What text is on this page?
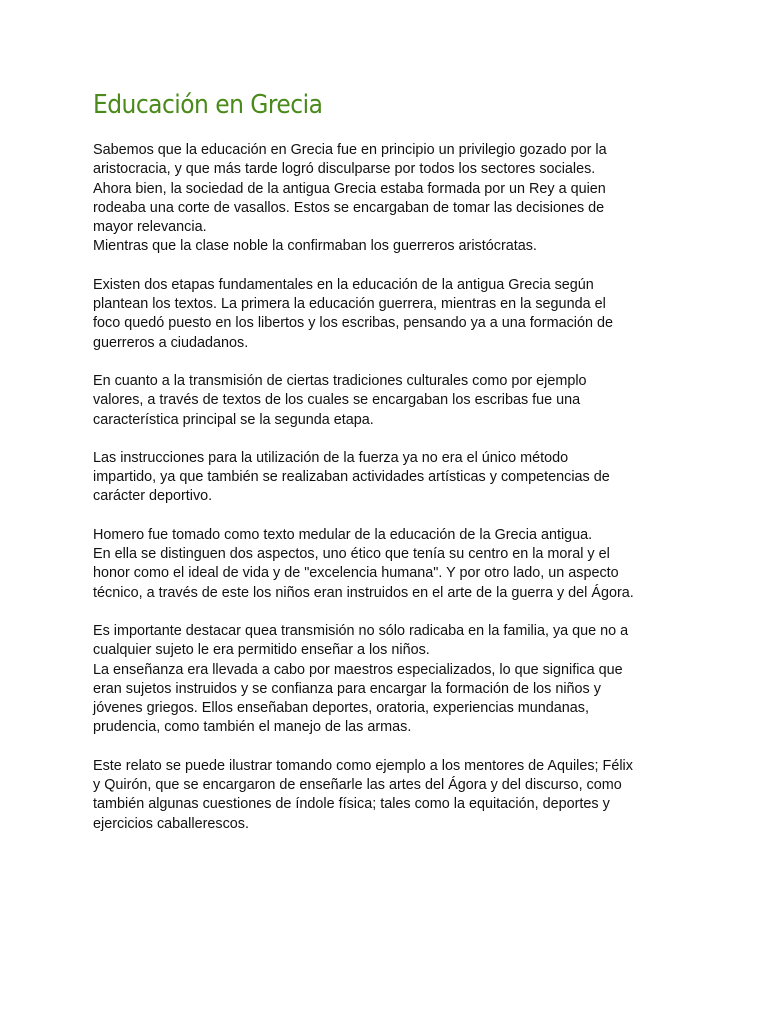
Educación en Grecia
Sabemos que la educación en Grecia fue en principio un privilegio gozado por la
aristocracia, y que más tarde logró disculparse por todos los sectores sociales.
Ahora bien, la sociedad de la antigua Grecia estaba formada por un Rey a quien
rodeaba una corte de vasallos. Estos se encargaban de tomar las decisiones de
mayor relevancia.
Mientras que la clase noble la confirmaban los guerreros aristócratas.
Existen dos etapas fundamentales en la educación de la antigua Grecia según
plantean los textos. La primera la educación guerrera, mientras en la segunda el
foco quedó puesto en los libertos y los escribas, pensando ya a una formación de
guerreros a ciudadanos.
En cuanto a la transmisión de ciertas tradiciones culturales como por ejemplo
valores, a través de textos de los cuales se encargaban los escribas fue una
característica principal se la segunda etapa.
Las instrucciones para la utilización de la fuerza ya no era el único método
impartido, ya que también se realizaban actividades artísticas y competencias de
carácter deportivo.
Homero fue tomado como texto medular de la educación de la Grecia antigua.
En ella se distinguen dos aspectos, uno ético que tenía su centro en la moral y el
honor como el ideal de vida y de "excelencia humana". Y por otro lado, un aspecto
técnico, a través de este los niños eran instruidos en el arte de la guerra y del Ágora.
Es importante destacar quea transmisión no sólo radicaba en la familia, ya que no a
cualquier sujeto le era permitido enseñar a los niños.
La enseñanza era llevada a cabo por maestros especializados, lo que significa que
eran sujetos instruidos y se confianza para encargar la formación de los niños y
jóvenes griegos. Ellos enseñaban deportes, oratoria, experiencias mundanas,
prudencia, como también el manejo de las armas.
Este relato se puede ilustrar tomando como ejemplo a los mentores de Aquiles; Félix
y Quirón, que se encargaron de enseñarle las artes del Ágora y del discurso, como
también algunas cuestiones de índole física; tales como la equitación, deportes y
ejercicios caballerescos.
